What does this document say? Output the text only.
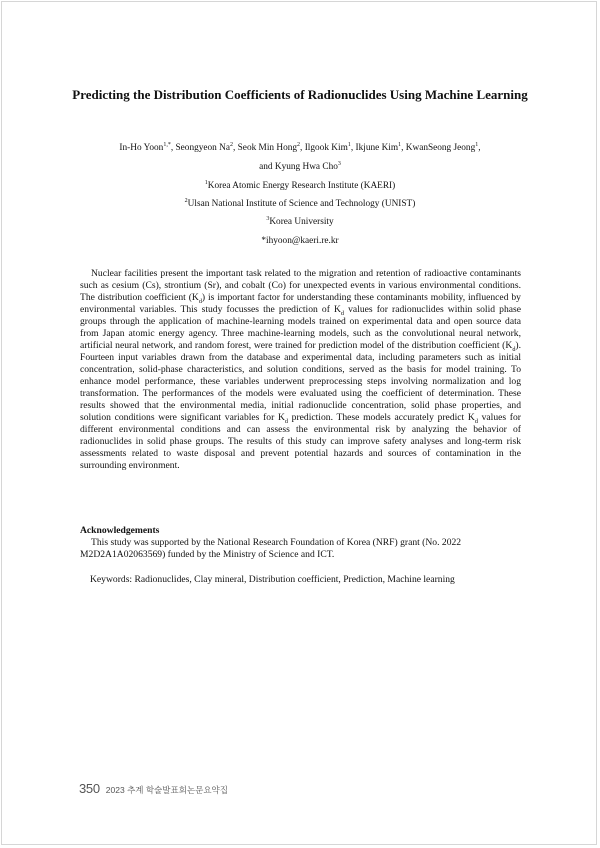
Predicting the Distribution Coefficients of Radionuclides Using Machine Learning
In-Ho Yoon$^{1,*}$, Seongyeon Na$^2$, Seok Min Hong$^2$, Ilgook Kim$^1$, Ikjune Kim$^1$, KwanSeong Jeong$^1$,
and Kyung Hwa Cho$^3$
$^1$Korea Atomic Energy Research Institute (KAERI)
$^2$Ulsan National Institute of Science and Technology (UNIST)
$^3$Korea University
*ihyoon@kaeri.re.kr

Nuclear facilities present the important task related to the migration and retention of radioactive contaminants such as cesium (Cs), strontium (Sr), and cobalt (Co) for unexpected events in various environmental conditions. The distribution coefficient $(K_d)$ is important factor for understanding these contaminants mobility, influenced by environmental variables. This study focusses the prediction of $K_d$ values for radionuclides within solid phase groups through the application of machine-learning models trained on experimental data and open source data from Japan atomic energy agency. Three machine-learning models, such as the convolutional neural network, artificial neural network, and random forest, were trained for prediction model of the distribution coefficient $(K_d)$. Fourteen input variables drawn from the database and experimental data, including parameters such as initial concentration, solid-phase characteristics, and solution conditions, served as the basis for model training. To enhance model performance, these variables underwent preprocessing steps involving normalization and log transformation. The performances of the models were evaluated using the coefficient of determination. These results showed that the environmental media, initial radionuclide concentration, solid phase properties, and solution conditions were significant variables for $K_d$ prediction. These models accurately predict $K_d$ values for different environmental conditions and can assess the environmental risk by analyzing the behavior of radionuclides in solid phase groups. The results of this study can improve safety analyses and long-term risk assessments related to waste disposal and prevent potential hazards and sources of contamination in the surrounding environment.

Acknowledgements

This study was supported by the National Research Foundation of Korea (NRF) grant (No. 2022 M2D2A1A02063569) funded by the Ministry of Science and ICT.

Keywords: Radionuclides, Clay mineral, Distribution coefficient, Prediction, Machine learning
350 2023 추계 학술발표회논문요약집
